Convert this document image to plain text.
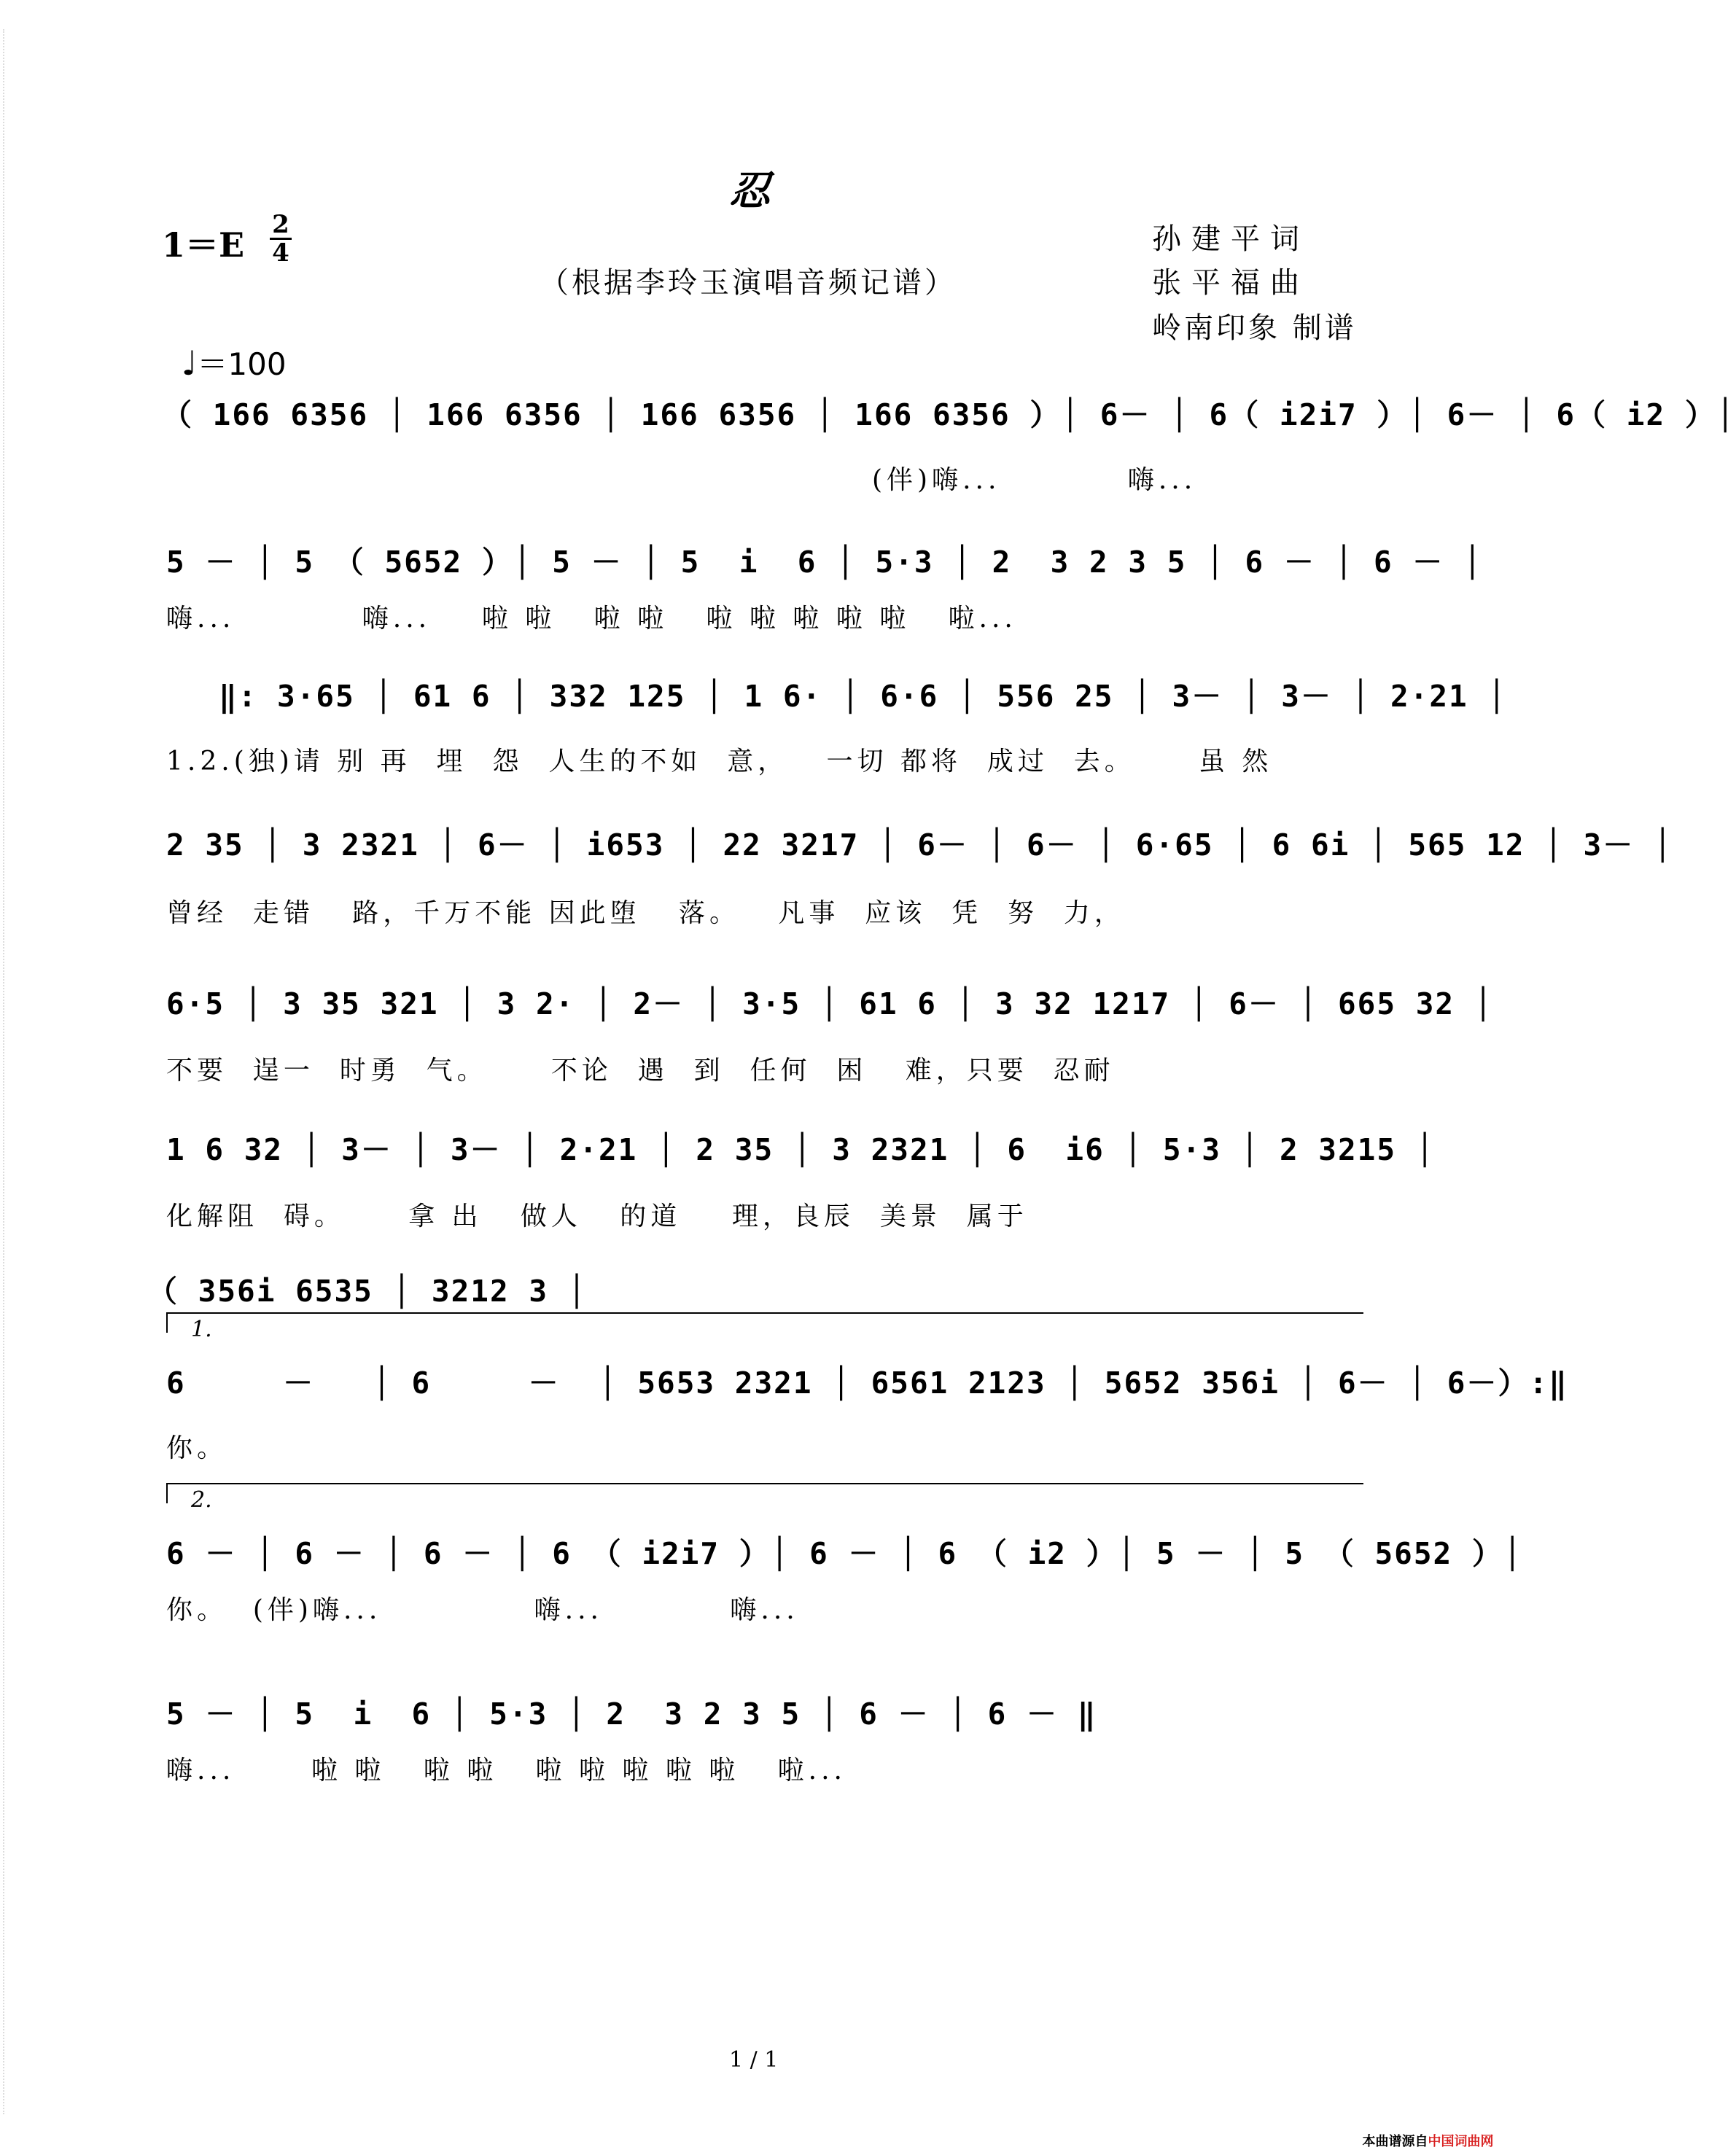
忍
1＝E
2
4

♩＝100

（根据李玲玉演唱音频记谱）
孙建平词
张平福曲
岭南印象 制谱
（ 166 6356 │ 166 6356 │ 166 6356 │ 166 6356 ）│ 6－ │ 6（ i2i7 ）│ 6－ │ 6（ i2 ）│
(伴)嗨...          嗨...
5 － │ 5 （ 5652 ）│ 5 － │ 5  i  6 │ 5·3 │ 2  3 2 3 5 │ 6 － │ 6 － │
嗨...          嗨...    啦 啦   啦 啦   啦 啦 啦 啦 啦   啦...
‖: 3·65 │ 61 6 │ 332 125 │ 1 6· │ 6·6 │ 556 25 │ 3－ │ 3－ │ 2·21 │
1.2.(独)请 别 再  埋  怨  人生的不如  意，   一切 都将  成过  去。     虽 然
2 35 │ 3 2321 │ 6－ │ i653 │ 22 3217 │ 6－ │ 6－ │ 6·65 │ 6 6i │ 565 12 │ 3－ │
曾经  走错   路，千万不能 因此堕   落。   凡事  应该  凭  努  力，
6·5 │ 3 35 321 │ 3 2· │ 2－ │ 3·5 │ 61 6 │ 3 32 1217 │ 6－ │ 665 32 │
不要  逞一  时勇  气。     不论  遇  到  任何  困   难，只要  忍耐
1 6 32 │ 3－ │ 3－ │ 2·21 │ 2 35 │ 3 2321 │ 6  i6 │ 5·3 │ 2 3215 │
化解阻  碍。     拿 出   做人   的道    理，良辰  美景  属于
（ 356i 6535 │ 3212 3 │
1.
6     －   │ 6     －  │ 5653 2321 │ 6561 2123 │ 5652 356i │ 6－ │ 6－）:‖
你。
2.
6 － │ 6 － │ 6 － │ 6 （ i2i7 ）│ 6 － │ 6 （ i2 ）│ 5 － │ 5 （ 5652 ）│
你。  (伴)嗨...            嗨...          嗨...
5 － │ 5  i  6 │ 5·3 │ 2  3 2 3 5 │ 6 － │ 6 － ‖
嗨...      啦 啦   啦 啦   啦 啦 啦 啦 啦   啦...
1 / 1

本曲谱源自中国词曲网
